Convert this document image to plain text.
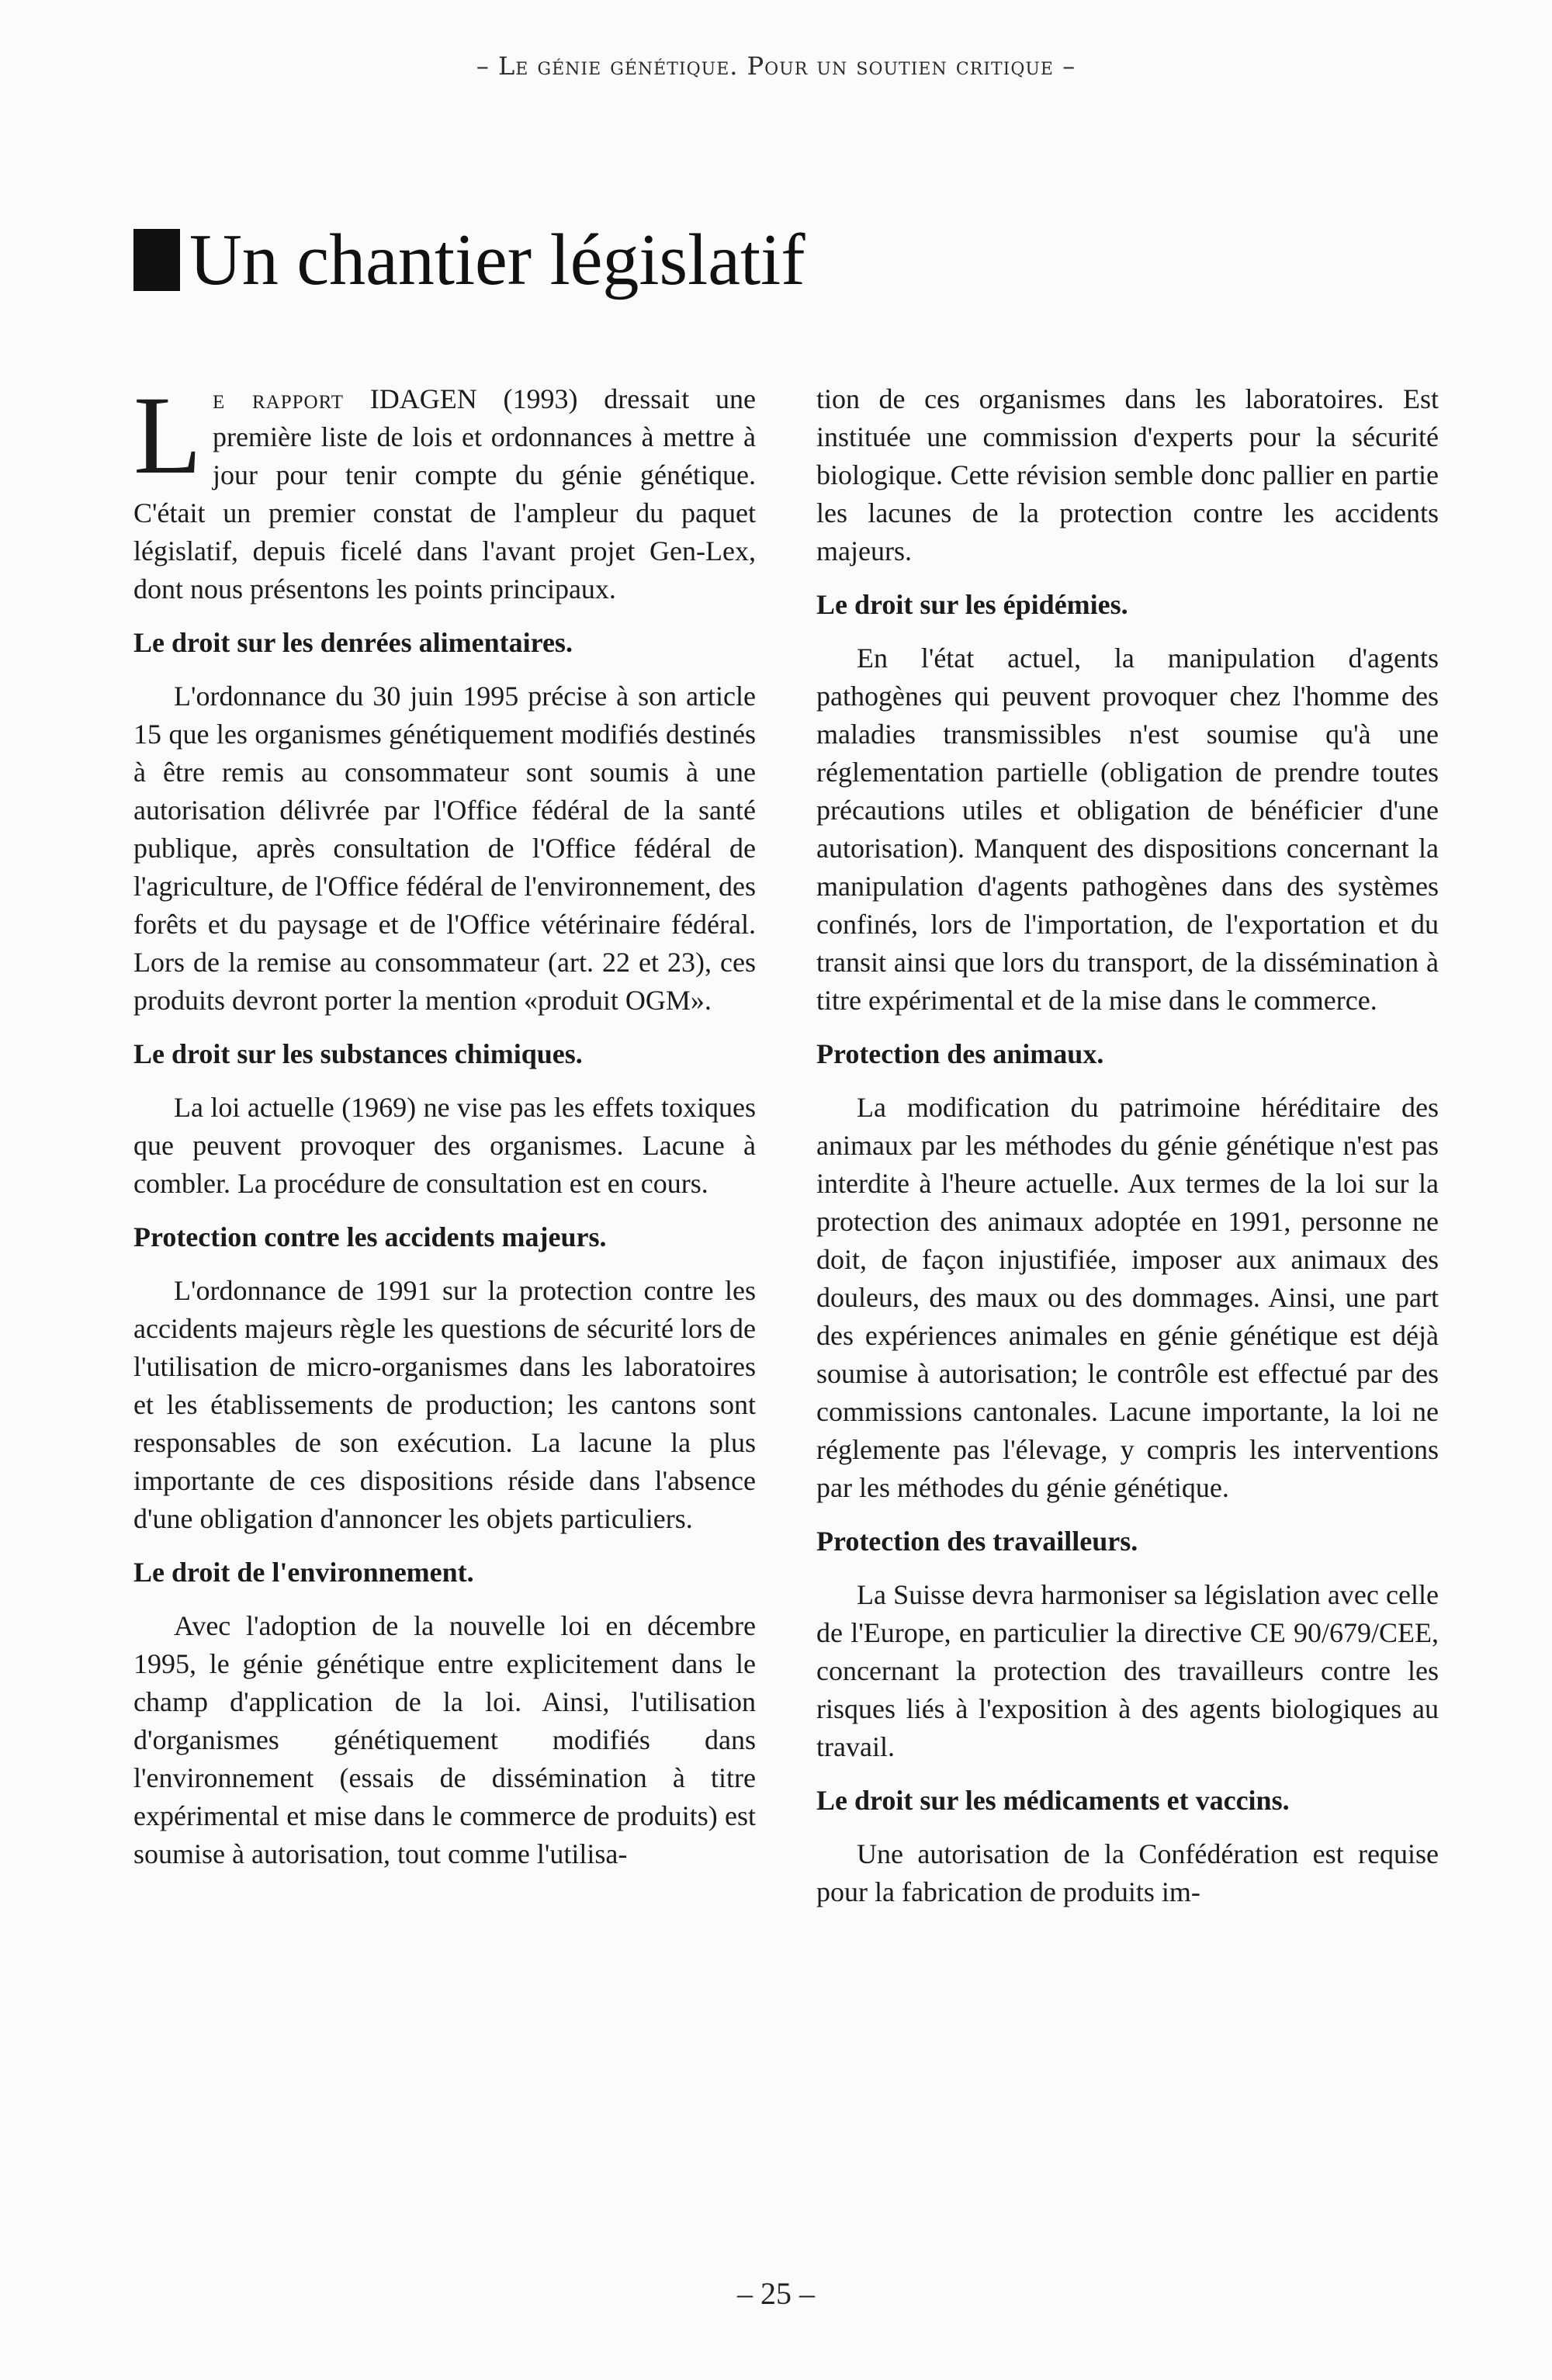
– Le génie génétique. Pour un soutien critique –
Un chantier législatif

Le rapport IDAGEN (1993) dressait une première liste de lois et ordonnances à mettre à jour pour tenir compte du génie génétique. C'était un premier constat de l'ampleur du paquet législatif, depuis ficelé dans l'avant projet Gen-Lex, dont nous présentons les points principaux.

Le droit sur les denrées alimentaires.

L'ordonnance du 30 juin 1995 précise à son article 15 que les organismes génétiquement modifiés destinés à être remis au consommateur sont soumis à une autorisation délivrée par l'Office fédéral de la santé publique, après consultation de l'Office fédéral de l'agriculture, de l'Office fédéral de l'environnement, des forêts et du paysage et de l'Office vétérinaire fédéral. Lors de la remise au consommateur (art. 22 et 23), ces produits devront porter la mention «produit OGM».

Le droit sur les substances chimiques.

La loi actuelle (1969) ne vise pas les effets toxiques que peuvent provoquer des organismes. Lacune à combler. La procédure de consultation est en cours.

Protection contre les accidents majeurs.

L'ordonnance de 1991 sur la protection contre les accidents majeurs règle les questions de sécurité lors de l'utilisation de micro-organismes dans les laboratoires et les établissements de production; les cantons sont responsables de son exécution. La lacune la plus importante de ces dispositions réside dans l'absence d'une obligation d'annoncer les objets particuliers.

Le droit de l'environnement.

Avec l'adoption de la nouvelle loi en décembre 1995, le génie génétique entre explicitement dans le champ d'application de la loi. Ainsi, l'utilisation d'organismes génétiquement modifiés dans l'environnement (essais de dissémination à titre expérimental et mise dans le commerce de produits) est soumise à autorisation, tout comme l'utilisa-

tion de ces organismes dans les laboratoires. Est instituée une commission d'experts pour la sécurité biologique. Cette révision semble donc pallier en partie les lacunes de la protection contre les accidents majeurs.

Le droit sur les épidémies.

En l'état actuel, la manipulation d'agents pathogènes qui peuvent provoquer chez l'homme des maladies transmissibles n'est soumise qu'à une réglementation partielle (obligation de prendre toutes précautions utiles et obligation de bénéficier d'une autorisation). Manquent des dispositions concernant la manipulation d'agents pathogènes dans des systèmes confinés, lors de l'importation, de l'exportation et du transit ainsi que lors du transport, de la dissémination à titre expérimental et de la mise dans le commerce.

Protection des animaux.

La modification du patrimoine héréditaire des animaux par les méthodes du génie génétique n'est pas interdite à l'heure actuelle. Aux termes de la loi sur la protection des animaux adoptée en 1991, personne ne doit, de façon injustifiée, imposer aux animaux des douleurs, des maux ou des dommages. Ainsi, une part des expériences animales en génie génétique est déjà soumise à autorisation; le contrôle est effectué par des commissions cantonales. Lacune importante, la loi ne réglemente pas l'élevage, y compris les interventions par les méthodes du génie génétique.

Protection des travailleurs.

La Suisse devra harmoniser sa législation avec celle de l'Europe, en particulier la directive CE 90/679/CEE, concernant la protection des travailleurs contre les risques liés à l'exposition à des agents biologiques au travail.

Le droit sur les médicaments et vaccins.

Une autorisation de la Confédération est requise pour la fabrication de produits im-

– 25 –
